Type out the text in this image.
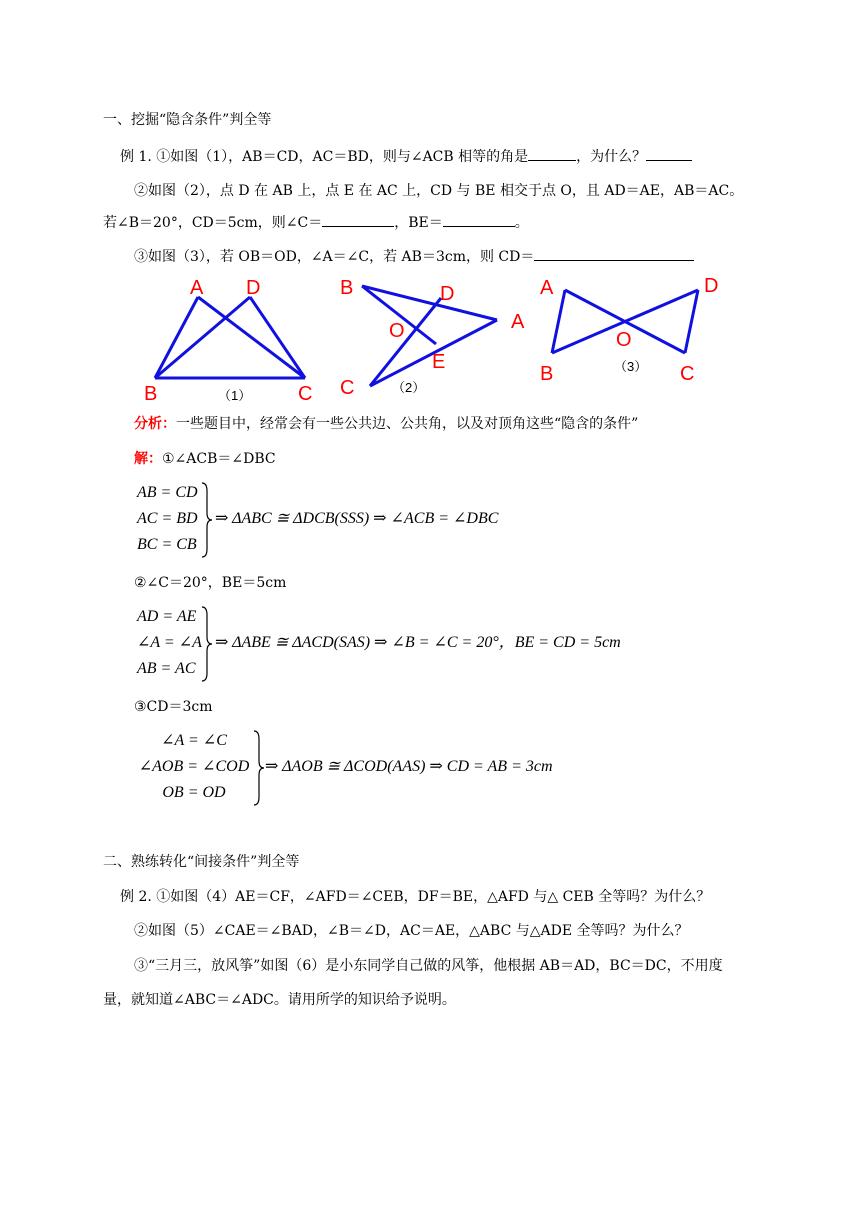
一、挖掘“隐含条件”判全等
例 1. ①如图（1），AB＝CD，AC＝BD，则与∠ACB 相等的角是	，为什么？
②如图（2），点 D 在 AB 上，点 E 在 AC 上，CD 与 BE 相交于点 O，且 AD＝AE，AB＝AC。
若∠B＝20°，CD＝5cm，则∠C＝	，BE＝	。
③如图（3），若 OB＝OD，∠A＝∠C，若 AB＝3cm，则 CD＝
A D
B	C
（1）
B	D
O	A
E
C	（2）
A	D
O
B	C
（3）
分析：一些题目中，经常会有一些公共边、公共角，以及对顶角这些“隐含的条件”
解：①∠ACB＝∠DBC
AB = CD
AC = BD
BC = CB
⇒ ΔABC ≅ ΔDCB(SSS) ⇒ ∠ACB = ∠DBC
②∠C＝20°，BE＝5cm
AD = AE
∠A = ∠A
AB = AC
⇒ ΔABE ≅ ΔACD(SAS) ⇒ ∠B = ∠C = 20°，BE = CD = 5cm
③CD＝3cm
∠A = ∠C
∠AOB = ∠COD
OB = OD
⇒ ΔAOB ≅ ΔCOD(AAS) ⇒ CD = AB = 3cm
二、熟练转化“间接条件”判全等
例 2. ①如图（4）AE＝CF，∠AFD＝∠CEB，DF＝BE，△AFD 与△ CEB 全等吗？为什么？
②如图（5）∠CAE＝∠BAD，∠B＝∠D，AC＝AE，△ABC 与△ADE 全等吗？为什么？
③“三月三，放风筝”如图（6）是小东同学自己做的风筝，他根据 AB＝AD，BC＝DC，不用度
量，就知道∠ABC＝∠ADC。请用所学的知识给予说明。
